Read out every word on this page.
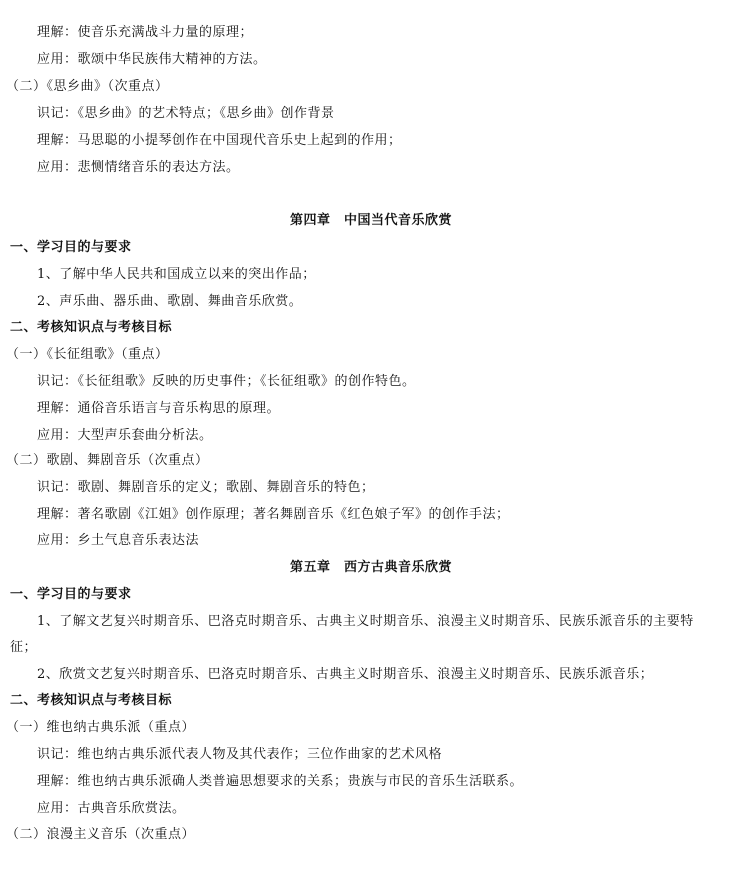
理解：使音乐充满战斗力量的原理；
应用：歌颂中华民族伟大精神的方法。
（二）《思乡曲》（次重点）
识记：《思乡曲》的艺术特点；《思乡曲》创作背景
理解：马思聪的小提琴创作在中国现代音乐史上起到的作用；
应用：悲恻情绪音乐的表达方法。
第四章　中国当代音乐欣赏
一、学习目的与要求
1、了解中华人民共和国成立以来的突出作品；
2、声乐曲、器乐曲、歌剧、舞曲音乐欣赏。
二、考核知识点与考核目标
（一）《长征组歌》（重点）
识记：《长征组歌》反映的历史事件；《长征组歌》的创作特色。
理解：通俗音乐语言与音乐构思的原理。
应用：大型声乐套曲分析法。
（二）歌剧、舞剧音乐（次重点）
识记：歌剧、舞剧音乐的定义；歌剧、舞剧音乐的特色；
理解：著名歌剧《江姐》创作原理；著名舞剧音乐《红色娘子军》的创作手法；
应用：乡土气息音乐表达法
第五章　西方古典音乐欣赏
一、学习目的与要求
1、了解文艺复兴时期音乐、巴洛克时期音乐、古典主义时期音乐、浪漫主义时期音乐、民族乐派音乐的主要特
征；
2、欣赏文艺复兴时期音乐、巴洛克时期音乐、古典主义时期音乐、浪漫主义时期音乐、民族乐派音乐；
二、考核知识点与考核目标
（一）维也纳古典乐派（重点）
识记：维也纳古典乐派代表人物及其代表作；三位作曲家的艺术风格
理解：维也纳古典乐派确人类普遍思想要求的关系；贵族与市民的音乐生活联系。
应用：古典音乐欣赏法。
（二）浪漫主义音乐（次重点）
